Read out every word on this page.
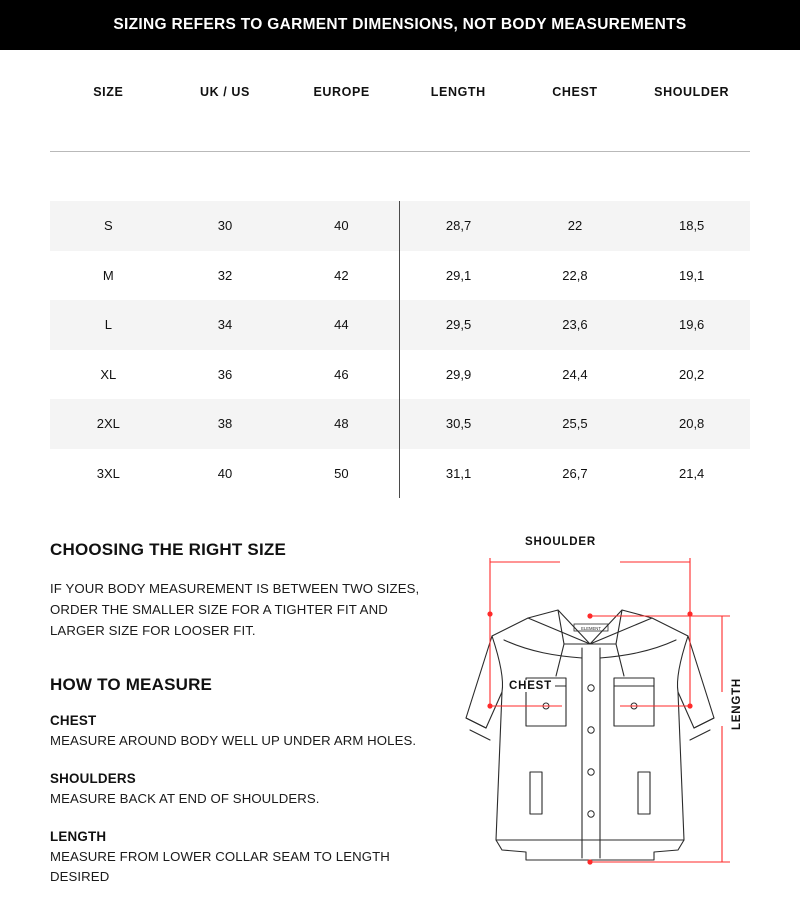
SIZING REFERS TO GARMENT DIMENSIONS, NOT BODY MEASUREMENTS
SIZE	UK / US	EUROPE	LENGTH	CHEST	SHOULDER

S	30	40	28,7	22	18,5
M	32	42	29,1	22,8	19,1
L	34	44	29,5	23,6	19,6
XL	36	46	29,9	24,4	20,2
2XL	38	48	30,5	25,5	20,8
3XL	40	50	31,1	26,7	21,4
CHOOSING THE RIGHT SIZE

IF YOUR BODY MEASUREMENT IS BETWEEN TWO SIZES, ORDER THE SMALLER SIZE FOR A TIGHTER FIT AND LARGER SIZE FOR LOOSER FIT.

HOW TO MEASURE
CHEST

MEASURE AROUND BODY WELL UP UNDER ARM HOLES.

SHOULDERS

MEASURE BACK AT END OF SHOULDERS.

LENGTH

MEASURE FROM LOWER COLLAR SEAM TO LENGTH DESIRED

SHOULDER
CHEST	LENGTH
ELEMENT
